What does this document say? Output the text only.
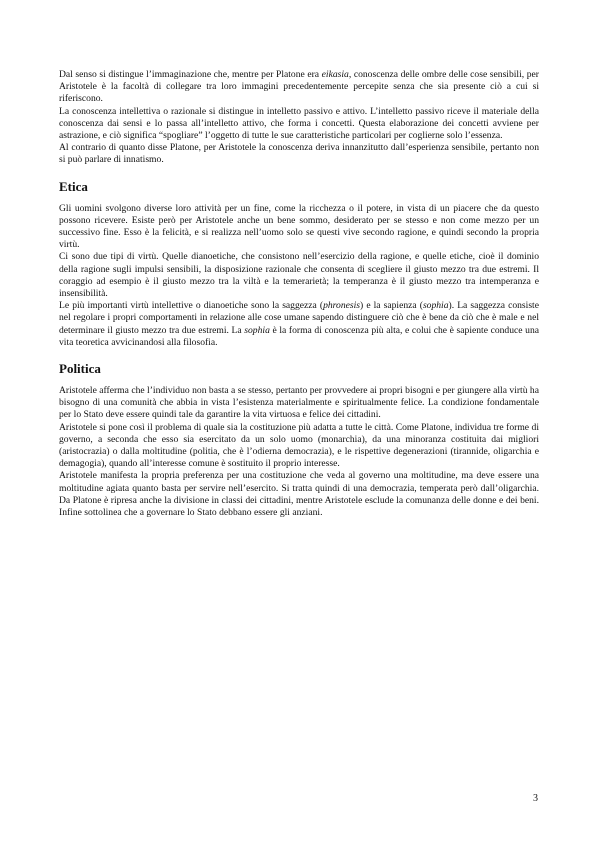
Dal senso si distingue l’immaginazione che, mentre per Platone era eikasia, conoscenza delle ombre delle cose sensibili, per Aristotele è la facoltà di collegare tra loro immagini precedentemente percepite senza che sia presente ciò a cui si riferiscono.

La conoscenza intellettiva o razionale si distingue in intelletto passivo e attivo. L’intelletto passivo riceve il materiale della conoscenza dai sensi e lo passa all’intelletto attivo, che forma i concetti. Questa elaborazione dei concetti avviene per astrazione, e ciò significa “spogliare” l’oggetto di tutte le sue caratteristiche particolari per coglierne solo l’essenza.

Al contrario di quanto disse Platone, per Aristotele la conoscenza deriva innanzitutto dall’esperienza sensibile, pertanto non si può parlare di innatismo.

Etica

Gli uomini svolgono diverse loro attività per un fine, come la ricchezza o il potere, in vista di un piacere che da questo possono ricevere. Esiste però per Aristotele anche un bene sommo, desiderato per se stesso e non come mezzo per un successivo fine. Esso è la felicità, e si realizza nell’uomo solo se questi vive secondo ragione, e quindi secondo la propria virtù.

Ci sono due tipi di virtù. Quelle dianoetiche, che consistono nell’esercizio della ragione, e quelle etiche, cioè il dominio della ragione sugli impulsi sensibili, la disposizione razionale che consenta di scegliere il giusto mezzo tra due estremi. Il coraggio ad esempio è il giusto mezzo tra la viltà e la temerarietà; la temperanza è il giusto mezzo tra intemperanza e insensibilità.

Le più importanti virtù intellettive o dianoetiche sono la saggezza (phronesis) e la sapienza (sophia). La saggezza consiste nel regolare i propri comportamenti in relazione alle cose umane sapendo distinguere ciò che è bene da ciò che è male e nel determinare il giusto mezzo tra due estremi. La sophia è la forma di conoscenza più alta, e colui che è sapiente conduce una vita teoretica avvicinandosi alla filosofia.

Politica

Aristotele afferma che l’individuo non basta a se stesso, pertanto per provvedere ai propri bisogni e per giungere alla virtù ha bisogno di una comunità che abbia in vista l’esistenza materialmente e spiritualmente felice. La condizione fondamentale per lo Stato deve essere quindi tale da garantire la vita virtuosa e felice dei cittadini.

Aristotele si pone così il problema di quale sia la costituzione più adatta a tutte le città. Come Platone, individua tre forme di governo, a seconda che esso sia esercitato da un solo uomo (monarchia), da una minoranza costituita dai migliori (aristocrazia) o dalla moltitudine (politia, che è l’odierna democrazia), e le rispettive degenerazioni (tirannide, oligarchia e demagogia), quando all’interesse comune è sostituito il proprio interesse.

Aristotele manifesta la propria preferenza per una costituzione che veda al governo una moltitudine, ma deve essere una moltitudine agiata quanto basta per servire nell’esercito. Si tratta quindi di una democrazia, temperata però dall’oligarchia. Da Platone è ripresa anche la divisione in classi dei cittadini, mentre Aristotele esclude la comunanza delle donne e dei beni. Infine sottolinea che a governare lo Stato debbano essere gli anziani.

3
